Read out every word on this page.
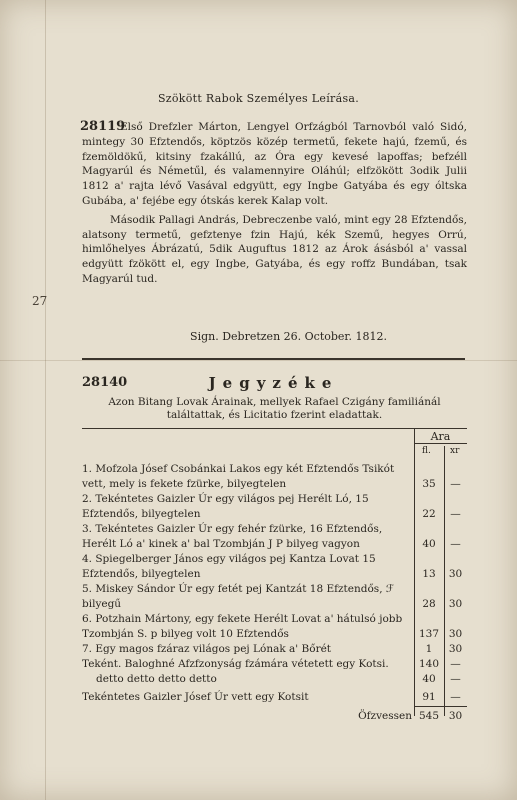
27
Szökött Rabok Személyes Leírása.
28119

Első Drefzler Márton, Lengyel Orfzágból Tarnovból való Sidó, mintegy 30 Efztendős, köptzös közép termetű, fekete hajú, fzemű, és fzemöldökű, kitsiny fzakállú, az Óra egy kevesé lapoffas; befzéll Magyarúl és Németűl, és valamennyire Oláhúl; elfzökött 3odik Julii 1812 a' rajta lévő Vasával edgyütt, egy Ingbe Gatyába és egy óltska Gubába, a' fejébe egy ótskás kerek Kalap volt.

Második Pallagi András, Debreczenbe való, mint egy 28 Efztendős, alatsony termetű, gefztenye fzin Hajú, kék Szemű, hegyes Orrú, himlőhelyes Ábrázatú, 5dik Auguftus 1812 az Árok ásásból a' vassal edgyütt fzökött el, egy Ingbe, Gatyába, és egy roffz Bundában, tsak Magyarúl tud.

Sign. Debretzen 26. October. 1812.
28140	Jegyzéke
Azon Bitang Lovak Árainak, mellyek Rafael Czigány familiánál találtattak, és Licitatio fzerint eladattak.
Ara
fl. xr
1. Mofzola Jósef Csobánkai Lakos egy két Efztendős Tsikót vett, mely is fekete fzürke, bilyegtelen	35	—
2. Tekéntetes Gaizler Úr egy világos pej Herélt Ló, 15 Efztendős, bilyegtelen	22	—
3. Tekéntetes Gaizler Úr egy fehér fzürke, 16 Efztendős, Herélt Ló a' kinek a' bal Tzombján J P bilyeg vagyon	40	—
4. Spiegelberger János egy világos pej Kantza Lovat 15 Efztendős, bilyegtelen	13	30
5. Miskey Sándor Úr egy fetét pej Kantzát 18 Efztendős, ℱ bilyegű	28	30
6. Potzhain Mártony, egy fekete Herélt Lovat a' hátulsó jobb Tzombján S. p bilyeg volt 10 Efztendős	137 30
7. Egy magos fzáraz világos pej Lónak a' Bőrét	1	30
Teként. Baloghné Afzfzonyság fzámára vétetett egy Kotsi.	140	—
detto detto detto detto	40	—
Tekéntetes Gaizler Jósef Úr vett egy Kotsit	91	—
Öfzvessen 545 30
